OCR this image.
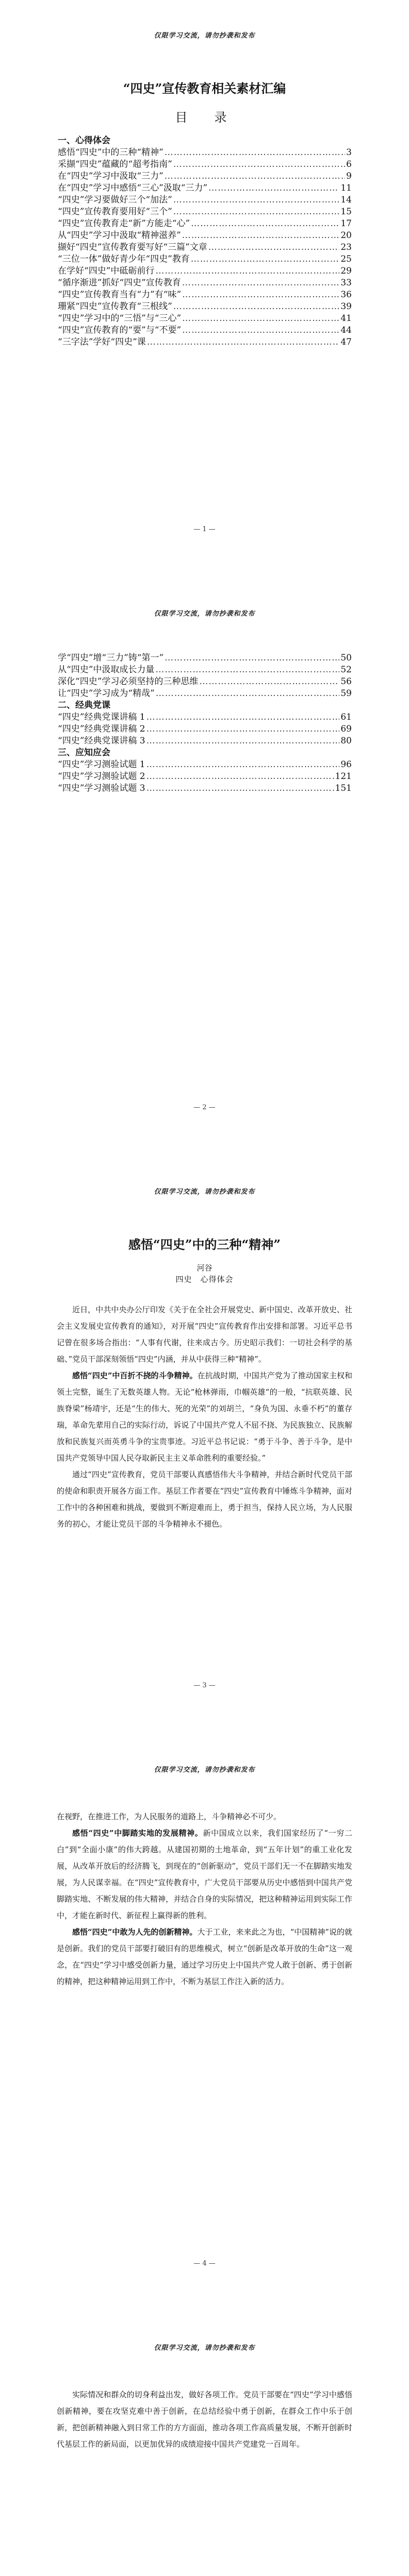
仅限学习交流，请勿抄袭和发布
“四史”宣传教育相关素材汇编
目　录
一、心得体会
感悟“四史”中的三种“精神” ……………………………………………………………………………………………………………………………………………………………	3
采撷“四史”蕴藏的“超考指南” ……………………………………………………………………………………………………………………………………………………………	6
在“四史”学习中汲取“三力” ……………………………………………………………………………………………………………………………………………………………	9
在“四史”学习中感悟“三心”汲取“三力” ……………………………………………………………………………………………………………………………………………………………	11
“四史”学习要做好三个“加法” ……………………………………………………………………………………………………………………………………………………………	14
“四史”宣传教育要用好“三个” ……………………………………………………………………………………………………………………………………………………………	15
“四史”宣传教育走“新”方能走“心” ……………………………………………………………………………………………………………………………………………………………	17
从“四史”学习中汲取“精神滋养” ……………………………………………………………………………………………………………………………………………………………	20
撷好“四史”宣传教育要写好“三篇”文章 ……………………………………………………………………………………………………………………………………………………………	23
“三位一体”做好青少年“四史”教育 ……………………………………………………………………………………………………………………………………………………………	25
在学好“四史”中砥砺前行 ……………………………………………………………………………………………………………………………………………………………	29
“循序渐进”抓好“四史”宣传教育 ……………………………………………………………………………………………………………………………………………………………	33
“四史”宣传教育当有“力”有“味” ……………………………………………………………………………………………………………………………………………………………	36
珊紧“四史”宣传教育“三根线” ……………………………………………………………………………………………………………………………………………………………	39
“四史”学习中的“三悟”与“三心” ……………………………………………………………………………………………………………………………………………………………	41
“四史”宣传教育的“要”与“不要” ……………………………………………………………………………………………………………………………………………………………	44
“三字法”学好“四史”课 ……………………………………………………………………………………………………………………………………………………………	47
— 1 —
仅限学习交流，请勿抄袭和发布
学“四史”增“三力”铸“第一” ……………………………………………………………………………………………………………………………………………………………	50
从“四史”中汲取成长力量 ……………………………………………………………………………………………………………………………………………………………	52
深化“四史”学习必须坚持的三种思维 ……………………………………………………………………………………………………………………………………………………………	56
让“四史”学习成为“精哉” ……………………………………………………………………………………………………………………………………………………………	59
二、经典党课
“四史”经典党课讲稿 1 ……………………………………………………………………………………………………………………………………………………………	61
“四史”经典党课讲稿 2 ……………………………………………………………………………………………………………………………………………………………	69
“四史”经典党课讲稿 3 ……………………………………………………………………………………………………………………………………………………………	80
三、应知应会
“四史”学习测验试题 1 ……………………………………………………………………………………………………………………………………………………………	96
“四史”学习测验试题 2 ……………………………………………………………………………………………………………………………………………………………	121
“四史”学习测验试题 3 ……………………………………………………………………………………………………………………………………………………………	151
— 2 —
仅限学习交流，请勿抄袭和发布
感悟“四史”中的三种“精神”
河谷
四史　心得体会

近日，中共中央办公厅印发《关于在全社会开展党史、新中国史、改革开放史、社会主义发展史宣传教育的通知》，对开展“四史”宣传教育作出安排和部署。习近平总书记曾在很多场合指出：“人事有代谢，往来成古今。历史昭示我们：一切社会科学的基础、”党员干部深刻领悟“四史”内涵，并从中获得三种“精神”。

感悟“四史”中百折不挠的斗争精神。在抗战时期，中国共产党为了推动国家主权和领土完整，诞生了无数英雄人物。无论“枪林弹雨，巾帼英雄”的一般，“抗联英雄、民族脊梁”杨靖宇，还是“生的伟大、死的光荣”的刘胡兰，“身负为国、永垂不朽”的董存瑞，革命先辈用自己的实际行动，诉说了中国共产党人不屈不挠、为民族独立、民族解放和民族复兴而英勇斗争的宝贵事迹。习近平总书记说：“勇于斗争、善于斗争，是中国共产党领导中国人民夺取新民主主义革命胜利的重要经验。”

通过“四史”宣传教育，党员干部要认真感悟伟大斗争精神，并结合新时代党员干部的使命和职责开展各方面工作。基层工作者要在“四史”宣传教育中锤炼斗争精神，面对工作中的各种困难和挑战，要做到不断迎难而上，勇于担当，保持人民立场，为人民服务的初心，才能让党员干部的斗争精神永不褪色。

— 3 —
仅限学习交流，请勿抄袭和发布

在视野，在推进工作，为人民服务的道路上，斗争精神必不可少。

感悟“四史”中脚踏实地的发展精神。新中国成立以来，我们国家经历了“一穷二白”到“全面小康”的伟大跨越。从建国初期的土地革命，到“五年计划”的重工业化发展，从改革开放后的经济腾飞，到现在的“创新驱动”，党员干部们无一不在脚踏实地发展，为人民谋幸福。在“四史”宣传教育中，广大党员干部要从历史中感悟到中国共产党脚踏实地、不断发展的伟大精神，并结合自身的实际情况，把这种精神运用到实际工作中，才能在新时代、新征程上赢得新的胜利。

感悟“四史”中敢为人先的创新精神。大于工业，来来此之为也，“中国精神”说的就是创新。我们的党员干部要打破旧有的思维模式，树立“创新是改革开放的生命”这一观念，在“四史”学习中感受创新力量，通过学习历史上中国共产党人敢于创新、勇于创新的精神，把这种精神运用到工作中，不断为基层工作注入新的活力。

— 4 —
仅限学习交流，请勿抄袭和发布

实际情况和群众的切身利益出发，做好各项工作。党员干部要在“四史”学习中感悟创新精神，要在攻坚克难中善于创新，在总结经验中勇于创新，在群众工作中乐于创新，把创新精神融入到日常工作的方方面面，推动各项工作高质量发展，不断开创新时代基层工作的新局面，以更加优异的成绩迎接中国共产党建党一百周年。
